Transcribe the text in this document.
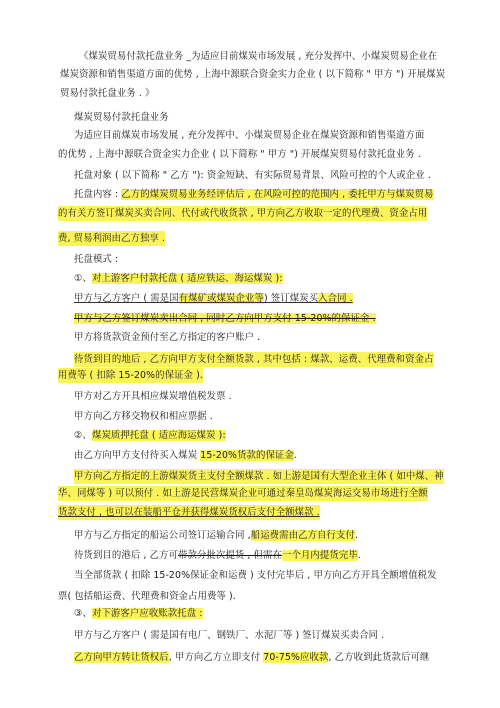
《煤炭贸易付款托盘业务 _为适应目前煤炭市场发展 , 充分发挥中、小煤炭贸易企业在
煤炭资源和销售渠道方面的优势 , 上海中源联合资金实力企业 ( 以下简称 " 甲方 ") 开展煤炭
贸易付款托盘业务 . 》
煤炭贸易付款托盘业务
为适应目前煤炭市场发展 , 充分发挥中、小煤炭贸易企业在煤炭资源和销售渠道方面
的优势 , 上海中源联合资金实力企业 ( 以下简称 " 甲方 ") 开展煤炭贸易付款托盘业务 .
托盘对象 ( 以下简称 " 乙方 "): 资金短缺、有实际贸易背景、风险可控的个人或企业 .
托盘内容 : 乙方的煤炭贸易业务经评估后 , 在风险可控的范围内 , 委托甲方与煤炭贸易
的有关方签订煤炭买卖合同、代付或代收货款 , 甲方向乙方收取一定的代理费、资金占用
费, 贸易利润由乙方独享 .
托盘模式 :
①、对上游客户付款托盘 ( 适应铁运、海运煤炭 ):
甲方与乙方客户 ( 需是国有煤矿或煤炭企业等) 签订煤炭买入合同 .
甲方与乙方签订煤炭卖出合同 , 同时乙方向甲方支付 15-20%的保证金 .
甲方将货款资金预付至乙方指定的客户账户 .
待货到目的地后 , 乙方向甲方支付全额货款 , 其中包括 : 煤款、运费、代理费和资金占
用费等 ( 扣除 15-20%的保证金 ).
甲方对乙方开具相应煤炭增值税发票 .
甲方向乙方移交物权和相应票据 .
②、煤炭质押托盘 ( 适应海运煤炭 ):
由乙方向甲方支付待买入煤炭 15-20%货款的保证金.
甲方向乙方指定的上游煤炭货主支付全额煤款 . 如上游是国有大型企业主体 ( 如中煤、神
华、同煤等 ) 可以预付 . 如上游是民营煤炭企业可通过秦皇岛煤炭海运交易市场进行全额
货款支付 , 也可以在装船平仓并获得煤炭货权后支付全额煤款 .
甲方与乙方指定的船运公司签订运输合同 ,船运费需由乙方自行支付.
待货到目的港后 , 乙方可带款分批次提货 , 但需在一个月内提货完毕.
当全部货款 ( 扣除 15-20%保证金和运费 ) 支付完毕后 , 甲方向乙方开具全额增值税发
票( 包括船运费、代理费和资金占用费等 ).
③、对下游客户应收账款托盘 :
甲方与乙方客户 ( 需是国有电厂、钢铁厂、水泥厂等 ) 签订煤炭买卖合同 .
乙方向甲方转让货权后, 甲方向乙方立即支付 70-75%应收款, 乙方收到此货款后可继
